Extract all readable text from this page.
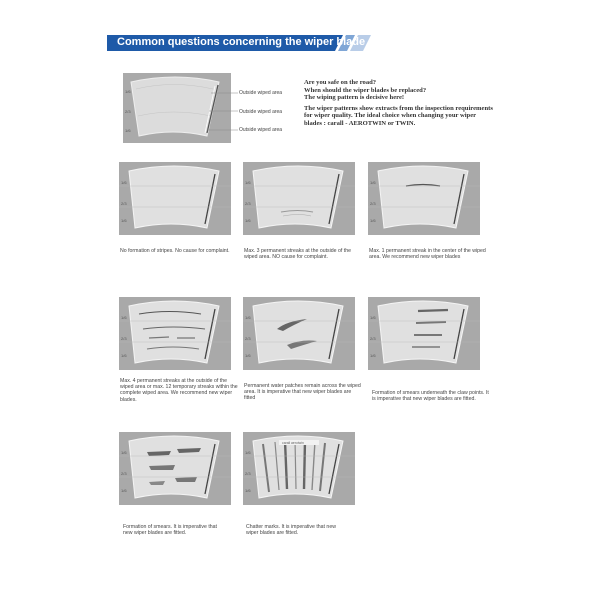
Common questions concerning the wiper blade
1/6
2/3
1/6
Outside wiped area
Outside wiped area
Outside wiped area

Are you safe on the road?
When should the wiper blades be replaced?
The wiping pattern is decisive here!

The wiper patterns show extracts from the inspection requirements for wiper quality. The ideal choice when changing your wiper blades : carall - AEROTWIN or TWIN.

1/6
2/3
1/6
1/6
2/3
1/6
1/6
2/3
1/6
No formation of stripes. No cause for complaint.	Max. 3 permanent streaks at the outside of the wiped area. NO cause for complaint.
Max. 1 permanent streak in the center of the wiped area. We recommend new wiper blades
1/6
2/3
1/6
1/6
2/3
1/6
1/6
2/3
1/6
Max. 4 permanent streaks at the outside of the wiped area or max. 12 temporary streaks within the complete wiped area. We recommend new wiper blades.
Permanent water patches remain across the wiped area. It is imperative that new wiper blades are fitted
Formation of smears underneath the claw points. It is imperative that new wiper blades are fitted.
1/6
2/3
1/6
carall aerotwin
1/6
2/3
1/6
Formation of smears. It is imperative that new wiper blades are fitted.
Chatter marks. It is imperative that new wiper blades are fitted.
